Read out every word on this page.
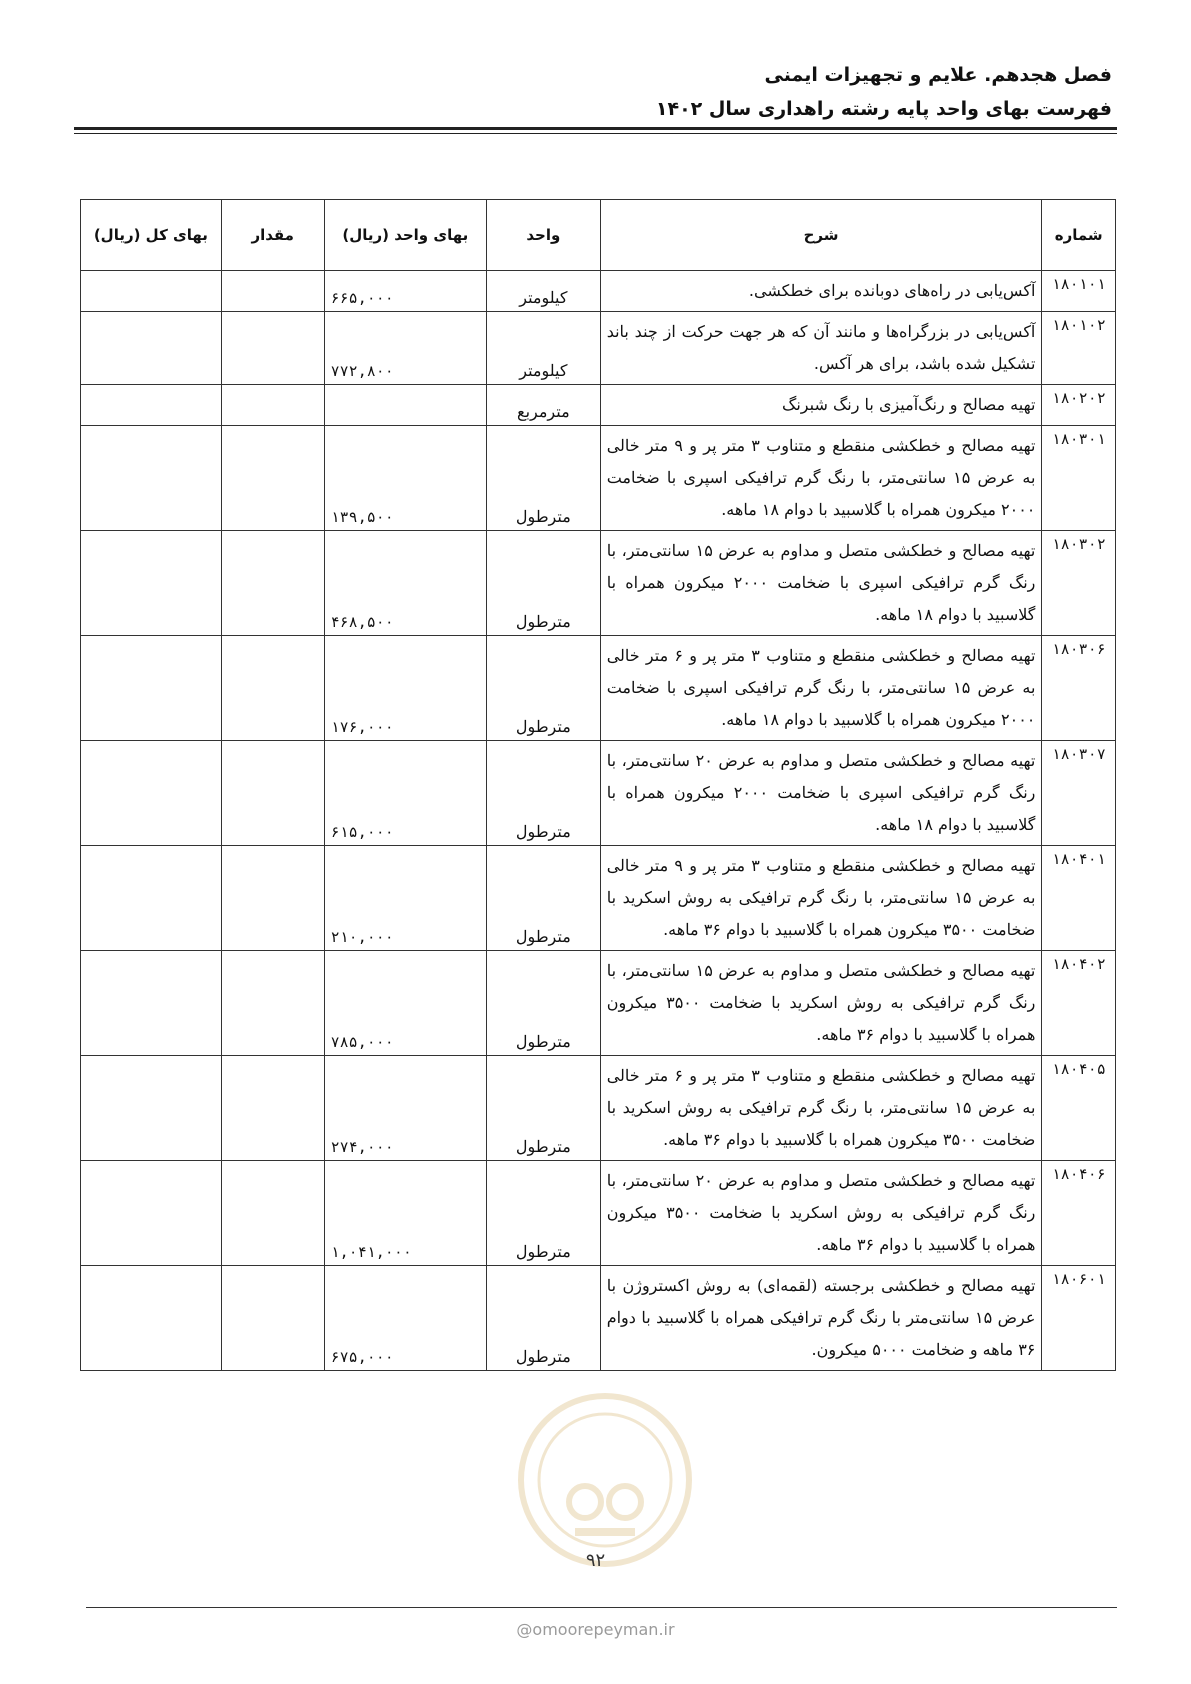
فصل هجدهم. علایم و تجهیزات ایمنی
فهرست بهای واحد پایه رشته راهداری سال ۱۴۰۲
شماره	شرح	واحد	بهای واحد (ریال)	مقدار	بهای کل (ریال)
۱۸۰۱۰۱	آکس‌یابی در راه‌های دوبانده برای خطکشی.	کیلومتر	۶۶۵,۰۰۰		
۱۸۰۱۰۲	آکس‌یابی در بزرگراه‌ها و مانند آن که هر جهت حرکت از چند باند تشکیل شده باشد، برای هر آکس.	کیلومتر	۷۷۲,۸۰۰		
۱۸۰۲۰۲	تهیه مصالح و رنگ‌آمیزی با رنگ شبرنگ	مترمربع			
۱۸۰۳۰۱	تهیه مصالح و خطکشی منقطع و متناوب ۳ متر پر و ۹ متر خالی به عرض ۱۵ سانتی‌متر، با رنگ گرم ترافیکی اسپری با ضخامت ۲۰۰۰ میکرون همراه با گلاسبید با دوام ۱۸ ماهه.	مترطول	۱۳۹,۵۰۰		
۱۸۰۳۰۲	تهیه مصالح و خطکشی متصل و مداوم به عرض ۱۵ سانتی‌متر، با رنگ گرم ترافیکی اسپری با ضخامت ۲۰۰۰ میکرون همراه با گلاسبید با دوام ۱۸ ماهه.	مترطول	۴۶۸,۵۰۰		
۱۸۰۳۰۶	تهیه مصالح و خطکشی منقطع و متناوب ۳ متر پر و ۶ متر خالی به عرض ۱۵ سانتی‌متر، با رنگ گرم ترافیکی اسپری با ضخامت ۲۰۰۰ میکرون همراه با گلاسبید با دوام ۱۸ ماهه.	مترطول	۱۷۶,۰۰۰		
۱۸۰۳۰۷	تهیه مصالح و خطکشی متصل و مداوم به عرض ۲۰ سانتی‌متر، با رنگ گرم ترافیکی اسپری با ضخامت ۲۰۰۰ میکرون همراه با گلاسبید با دوام ۱۸ ماهه.	مترطول	۶۱۵,۰۰۰		
۱۸۰۴۰۱	تهیه مصالح و خطکشی منقطع و متناوب ۳ متر پر و ۹ متر خالی به عرض ۱۵ سانتی‌متر، با رنگ گرم ترافیکی به روش اسکرید با ضخامت ۳۵۰۰ میکرون همراه با گلاسبید با دوام ۳۶ ماهه.	مترطول	۲۱۰,۰۰۰		
۱۸۰۴۰۲	تهیه مصالح و خطکشی متصل و مداوم به عرض ۱۵ سانتی‌متر، با رنگ گرم ترافیکی به روش اسکرید با ضخامت ۳۵۰۰ میکرون همراه با گلاسبید با دوام ۳۶ ماهه.	مترطول	۷۸۵,۰۰۰		
۱۸۰۴۰۵	تهیه مصالح و خطکشی منقطع و متناوب ۳ متر پر و ۶ متر خالی به عرض ۱۵ سانتی‌متر، با رنگ گرم ترافیکی به روش اسکرید با ضخامت ۳۵۰۰ میکرون همراه با گلاسبید با دوام ۳۶ ماهه.	مترطول	۲۷۴,۰۰۰		
۱۸۰۴۰۶	تهیه مصالح و خطکشی متصل و مداوم به عرض ۲۰ سانتی‌متر، با رنگ گرم ترافیکی به روش اسکرید با ضخامت ۳۵۰۰ میکرون همراه با گلاسبید با دوام ۳۶ ماهه.	مترطول	۱,۰۴۱,۰۰۰		
۱۸۰۶۰۱	تهیه مصالح و خطکشی برجسته (لقمه‌ای) به روش اکستروژن با عرض ۱۵ سانتی‌متر با رنگ گرم ترافیکی همراه با گلاسبید با دوام ۳۶ ماهه و ضخامت ۵۰۰۰ میکرون.	مترطول	۶۷۵,۰۰۰		
۹۲
@omoorepeyman.ir
